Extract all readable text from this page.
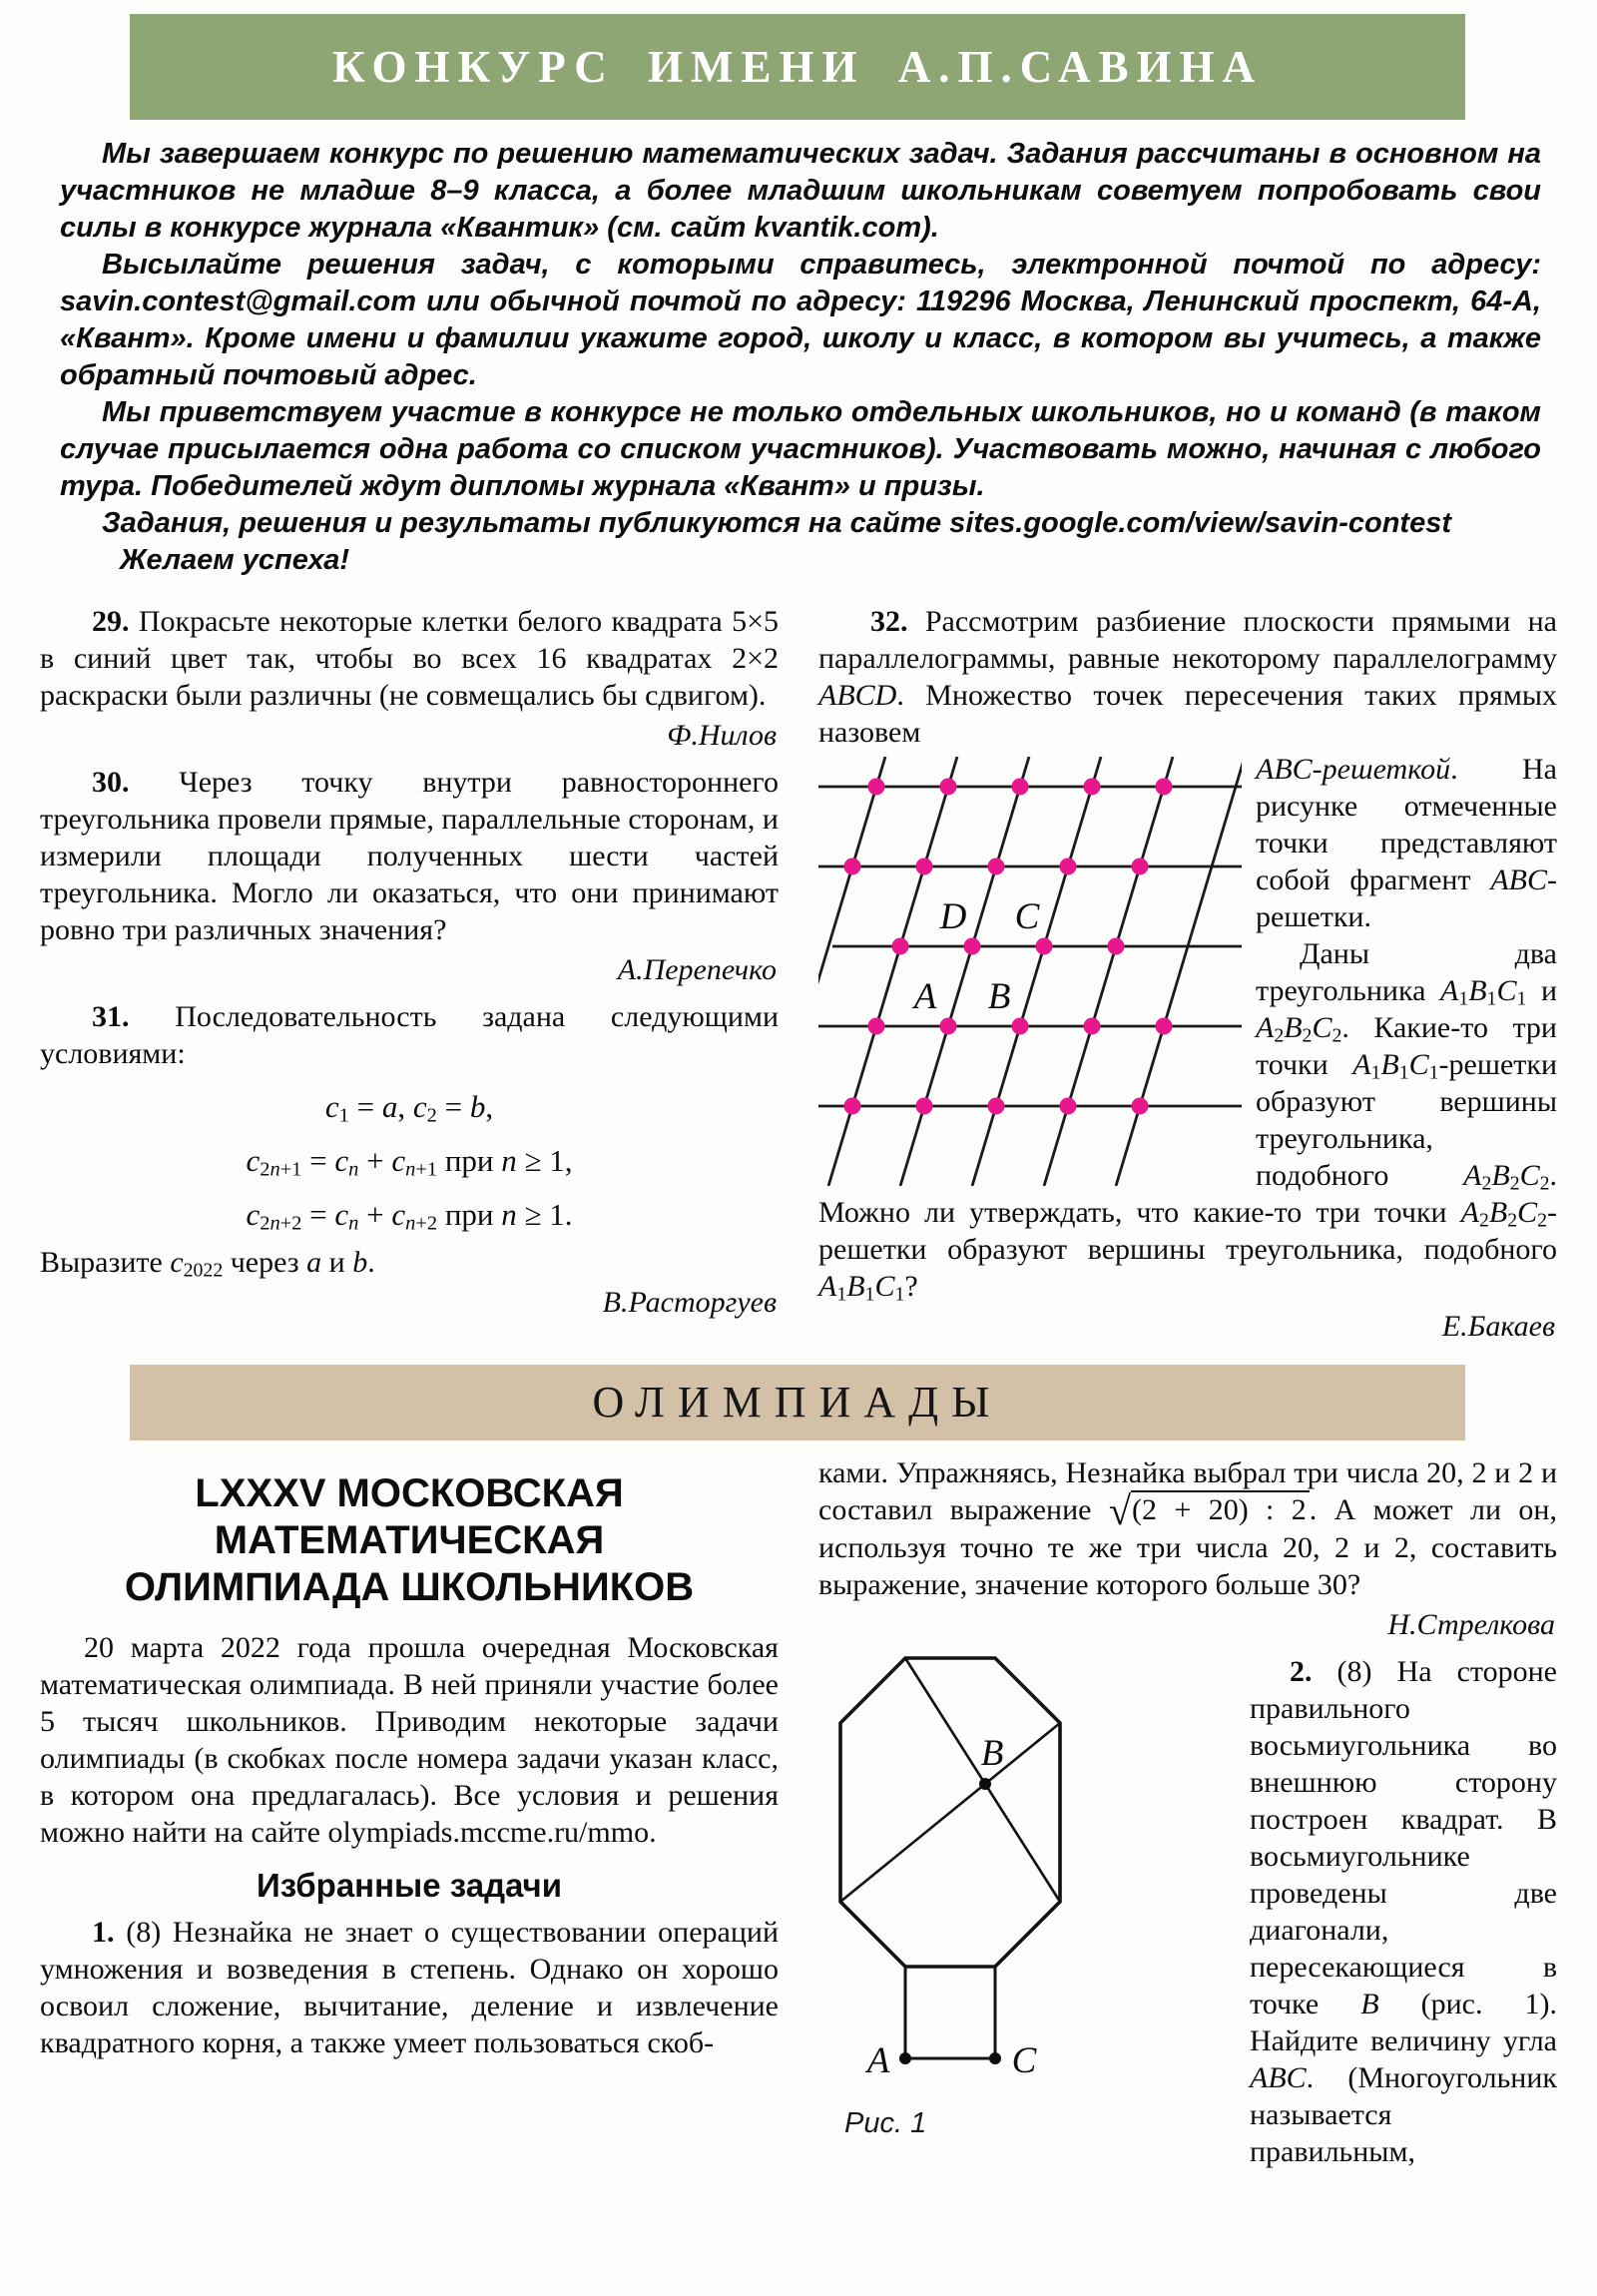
КОНКУРС ИМЕНИ А.П.САВИНА

Мы завершаем конкурс по решению математических задач. Задания рассчитаны в основном на участников не младше 8–9 класса, а более младшим школьникам советуем попробовать свои силы в конкурсе журнала «Квантик» (см. сайт kvantik.com).

Высылайте решения задач, с которыми справитесь, электронной почтой по адресу: savin.contest@gmail.com или обычной почтой по адресу: 119296 Москва, Ленинский проспект, 64-А, «Квант». Кроме имени и фамилии укажите город, школу и класс, в котором вы учитесь, а также обратный почтовый адрес.

Мы приветствуем участие в конкурсе не только отдельных школьников, но и команд (в таком случае присылается одна работа со списком участников). Участвовать можно, начиная с любого тура. Победителей ждут дипломы журнала «Квант» и призы.

Задания, решения и результаты публикуются на сайте sites.google.com/view/savin-contest

Желаем успеха!

29. Покрасьте некоторые клетки белого квадрата 5×5 в синий цвет так, чтобы во всех 16 квадратах 2×2 раскраски были различны (не совмещались бы сдвигом).

Ф.Нилов

30. Через точку внутри равностороннего треугольника провели прямые, параллельные сторонам, и измерили площади полученных шести частей треугольника. Могло ли оказаться, что они принимают ровно три различных значения?

А.Перепечко

31. Последовательность задана следующими условиями:

$c_1 = a$, $c_2 = b$,
$c_{2n+1} = c_n + c_{n+1}$ при n ≥ 1,
$c_{2n+2} = c_n + c_{n+2}$ при n ≥ 1.

Выразите $c_{2022}$ через a и b.

В.Расторгуев

32. Рассмотрим разбиение плоскости прямыми на параллелограммы, равные некоторому параллелограмму ABCD. Множество точек пересечения таких прямых назовем

D C
A B

ABC-решеткой. На рисунке отмеченные точки представляют собой фрагмент ABC-решетки.

Даны два треугольника $A_1B_1C_1$ и $A_2B_2C_2$. Какие-то три точки $A_1B_1C_1$-решетки образуют вершины треугольника, подобного $A_2B_2C_2$. Можно ли утверждать, что какие-то три точки $A_2B_2C_2$-решетки образуют вершины треугольника, подобного $A_1B_1C_1$?

Е.Бакаев
ОЛИМПИАДЫ
LXXXV МОСКОВСКАЯ
МАТЕМАТИЧЕСКАЯ
ОЛИМПИАДА ШКОЛЬНИКОВ

20 марта 2022 года прошла очередная Московская математическая олимпиада. В ней приняли участие более 5 тысяч школьников. Приводим некоторые задачи олимпиады (в скобках после номера задачи указан класс, в котором она предлагалась). Все условия и решения можно найти на сайте olympiads.mccme.ru/mmo.

Избранные задачи

1. (8) Незнайка не знает о существовании операций умножения и возведения в степень. Однако он хорошо освоил сложение, вычитание, деление и извлечение квадратного корня, а также умеет пользоваться скоб-

ками. Упражняясь, Незнайка выбрал три числа 20, 2 и 2 и составил выражение √(2 + 20) : 2 . А может ли он, используя точно те же три числа 20, 2 и 2, составить выражение, значение которого больше 30?

Н.Стрелкова
B
A	C
Рис. 1

2. (8) На стороне правильного восьмиугольника во внешнюю сторону построен квадрат. В восьмиугольнике проведены две диагонали, пересекающиеся в точке B (рис. 1). Найдите величину угла ABC. (Многоугольник называется правильным,
